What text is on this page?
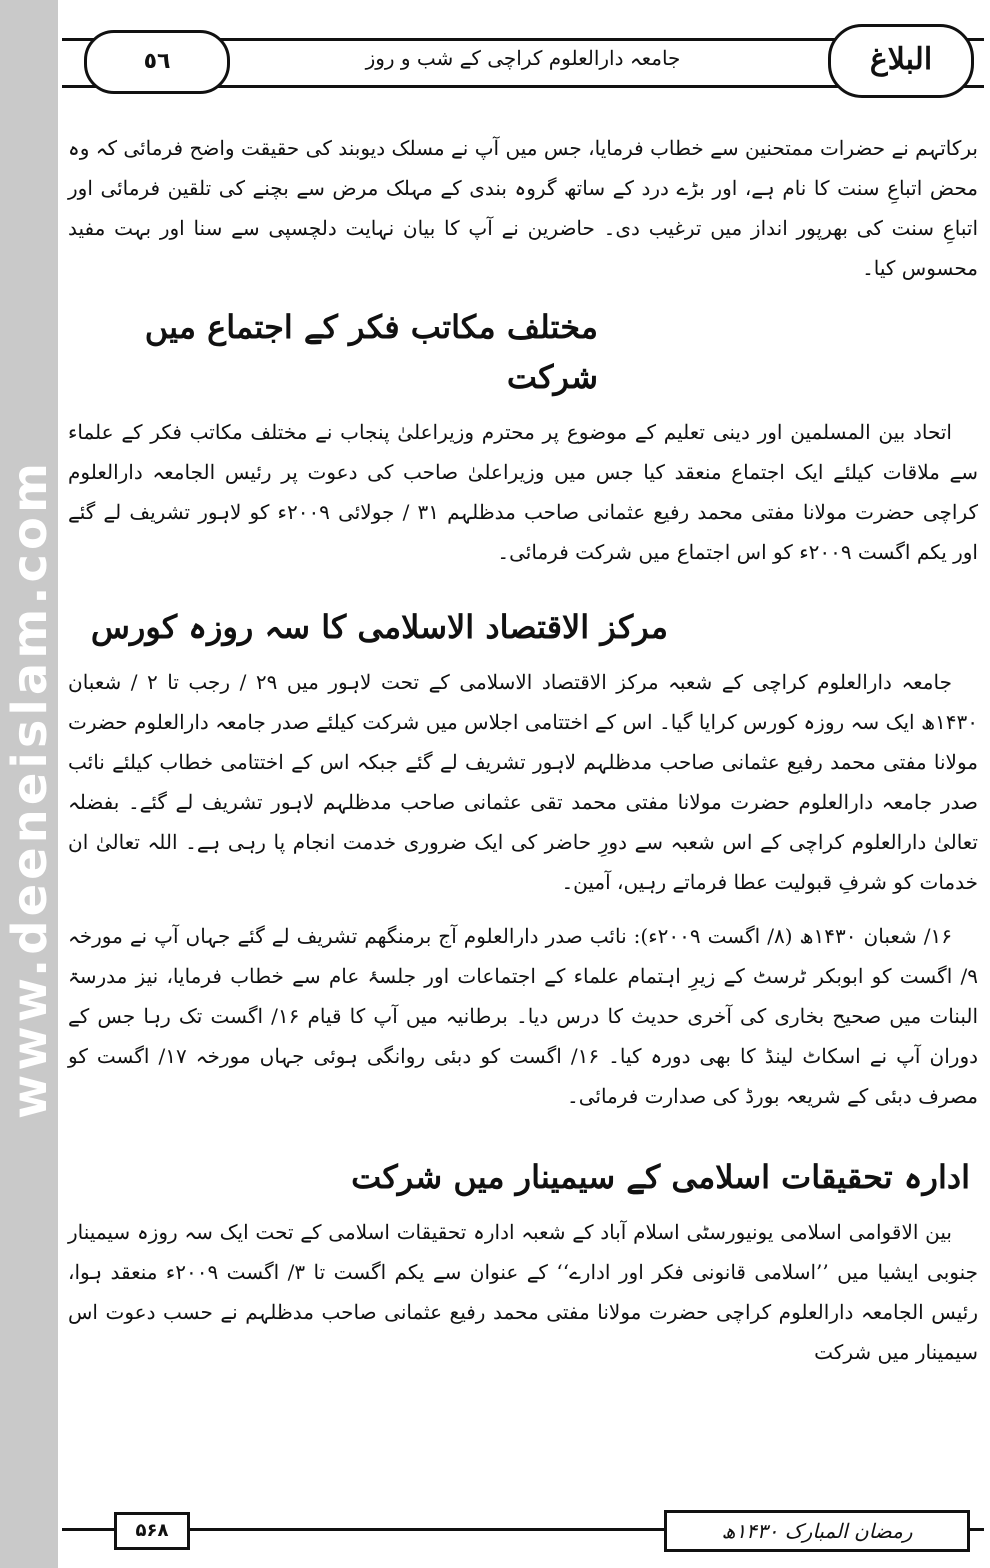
www.deeneislam.com
جامعہ دارالعلوم کراچی کے شب و روز
٥٦	البلاغ

برکاتہم نے حضرات ممتحنین سے خطاب فرمایا، جس میں آپ نے مسلک دیوبند کی حقیقت واضح فرمائی کہ وہ محض اتباعِ سنت کا نام ہے، اور بڑے درد کے ساتھ گروہ بندی کے مہلک مرض سے بچنے کی تلقین فرمائی اور اتباعِ سنت کی بھرپور انداز میں ترغیب دی۔ حاضرین نے آپ کا بیان نہایت دلچسپی سے سنا اور بہت مفید محسوس کیا۔

مختلف مکاتب فکر کے اجتماع میں شرکت

اتحاد بین المسلمین اور دینی تعلیم کے موضوع پر محترم وزیراعلیٰ پنجاب نے مختلف مکاتب فکر کے علماء سے ملاقات کیلئے ایک اجتماع منعقد کیا جس میں وزیراعلیٰ صاحب کی دعوت پر رئیس الجامعہ دارالعلوم کراچی حضرت مولانا مفتی محمد رفیع عثمانی صاحب مدظلہم ۳۱ / جولائی ۲۰۰۹ء کو لاہور تشریف لے گئے اور یکم اگست ۲۰۰۹ء کو اس اجتماع میں شرکت فرمائی۔

مرکز الاقتصاد الاسلامی کا سہ روزہ کورس

جامعہ دارالعلوم کراچی کے شعبہ مرکز الاقتصاد الاسلامی کے تحت لاہور میں ۲۹ / رجب تا ۲ / شعبان ۱۴۳۰ھ ایک سہ روزہ کورس کرایا گیا۔ اس کے اختتامی اجلاس میں شرکت کیلئے صدر جامعہ دارالعلوم حضرت مولانا مفتی محمد رفیع عثمانی صاحب مدظلہم لاہور تشریف لے گئے جبکہ اس کے اختتامی خطاب کیلئے نائب صدر جامعہ دارالعلوم حضرت مولانا مفتی محمد تقی عثمانی صاحب مدظلہم لاہور تشریف لے گئے۔ بفضلہ تعالیٰ دارالعلوم کراچی کے اس شعبہ سے دورِ حاضر کی ایک ضروری خدمت انجام پا رہی ہے۔ اللہ تعالیٰ ان خدمات کو شرفِ قبولیت عطا فرماتے رہیں، آمین۔

۱۶/ شعبان ۱۴۳۰ھ (۸/ اگست ۲۰۰۹ء): نائب صدر دارالعلوم آج برمنگھم تشریف لے گئے جہاں آپ نے مورخہ ۹/ اگست کو ابوبکر ٹرسٹ کے زیرِ اہتمام علماء کے اجتماعات اور جلسۂ عام سے خطاب فرمایا، نیز مدرسۃ البنات میں صحیح بخاری کی آخری حدیث کا درس دیا۔ برطانیہ میں آپ کا قیام ۱۶/ اگست تک رہا جس کے دوران آپ نے اسکاٹ لینڈ کا بھی دورہ کیا۔ ۱۶/ اگست کو دبئی روانگی ہوئی جہاں مورخہ ۱۷/ اگست کو مصرف دبئی کے شریعہ بورڈ کی صدارت فرمائی۔

ادارہ تحقیقات اسلامی کے سیمینار میں شرکت

بین الاقوامی اسلامی یونیورسٹی اسلام آباد کے شعبہ ادارہ تحقیقات اسلامی کے تحت ایک سہ روزہ سیمینار جنوبی ایشیا میں ’’اسلامی قانونی فکر اور ادارے‘‘ کے عنوان سے یکم اگست تا ۳/ اگست ۲۰۰۹ء منعقد ہوا، رئیس الجامعہ دارالعلوم کراچی حضرت مولانا مفتی محمد رفیع عثمانی صاحب مدظلہم نے حسب دعوت اس سیمینار میں شرکت

۵۶۸	رمضان المبارک ۱۴۳۰ھ
